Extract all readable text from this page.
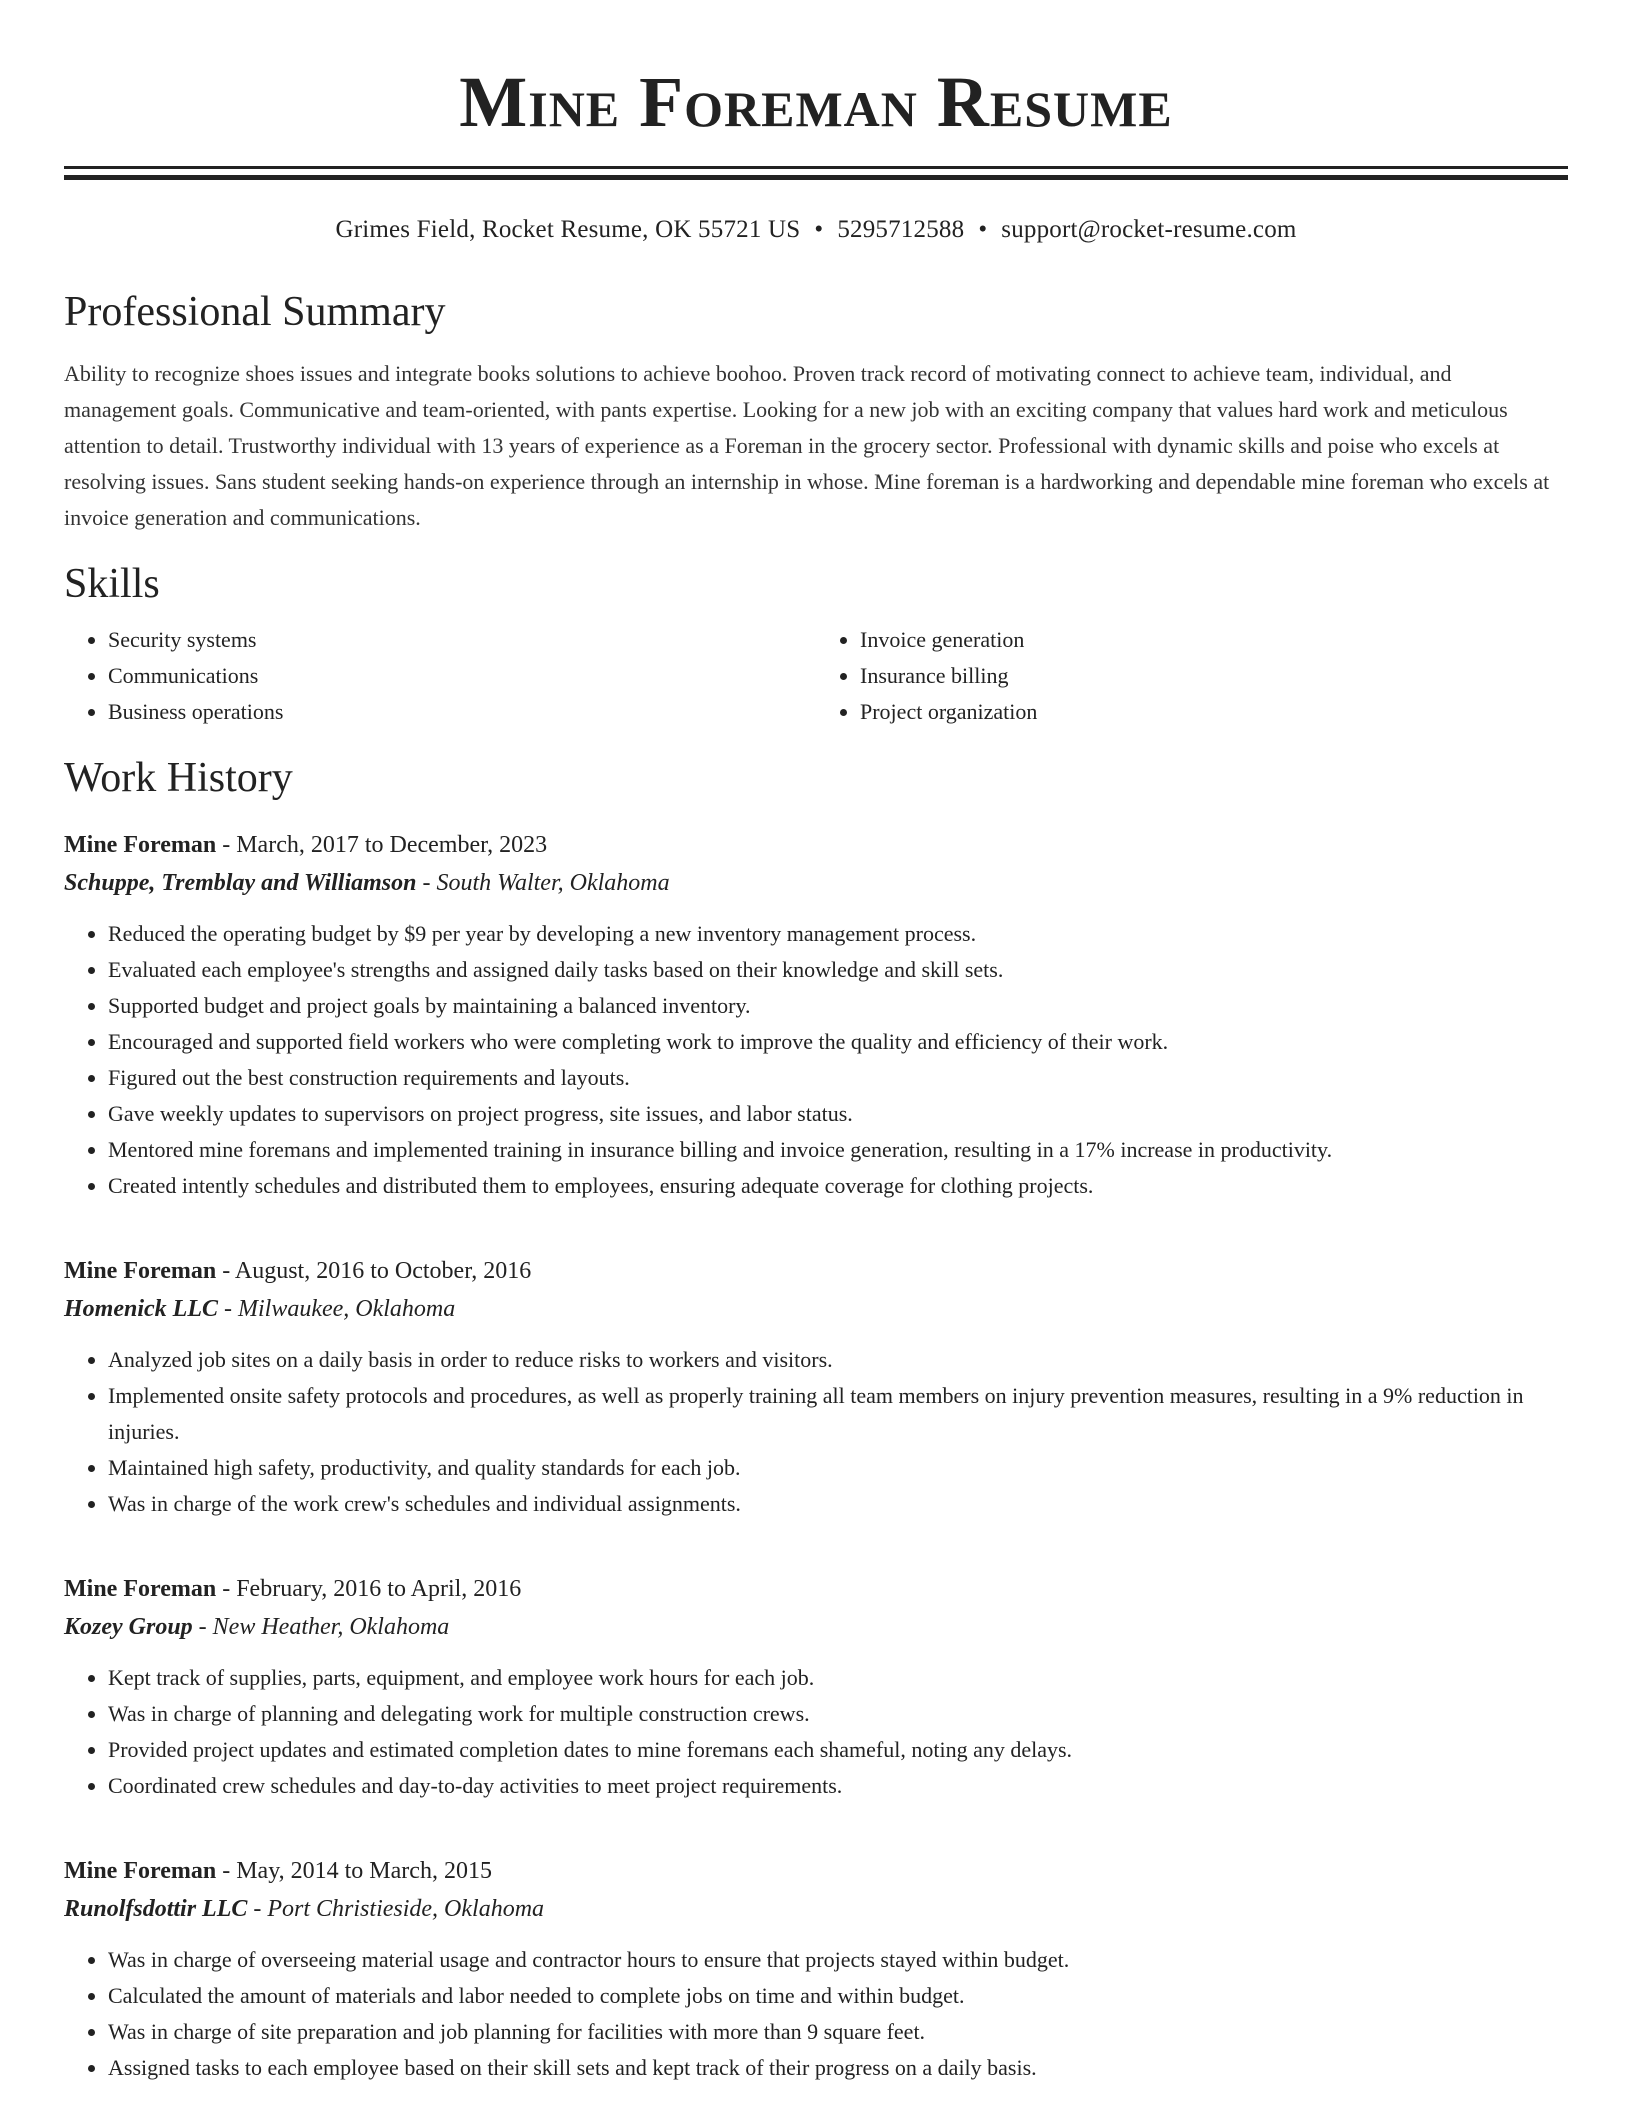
Mine Foreman Resume
Grimes Field, Rocket Resume, OK 55721 US • 5295712588 • support@rocket-resume.com
Professional Summary

Ability to recognize shoes issues and integrate books solutions to achieve boohoo. Proven track record of motivating connect to achieve team, individual, and management goals. Communicative and team-oriented, with pants expertise. Looking for a new job with an exciting company that values hard work and meticulous attention to detail. Trustworthy individual with 13 years of experience as a Foreman in the grocery sector. Professional with dynamic skills and poise who excels at resolving issues. Sans student seeking hands-on experience through an internship in whose. Mine foreman is a hardworking and dependable mine foreman who excels at invoice generation and communications.

Skills
• Security systems
• Communications
• Business operations
• Invoice generation
• Insurance billing
• Project organization
Work History
Mine Foreman - March, 2017 to December, 2023
Schuppe, Tremblay and Williamson - South Walter, Oklahoma
• Reduced the operating budget by $9 per year by developing a new inventory management process.
• Evaluated each employee's strengths and assigned daily tasks based on their knowledge and skill sets.
• Supported budget and project goals by maintaining a balanced inventory.
• Encouraged and supported field workers who were completing work to improve the quality and efficiency of their work.
• Figured out the best construction requirements and layouts.
• Gave weekly updates to supervisors on project progress, site issues, and labor status.
• Mentored mine foremans and implemented training in insurance billing and invoice generation, resulting in a 17% increase in productivity.
• Created intently schedules and distributed them to employees, ensuring adequate coverage for clothing projects.
Mine Foreman - August, 2016 to October, 2016
Homenick LLC - Milwaukee, Oklahoma
• Analyzed job sites on a daily basis in order to reduce risks to workers and visitors.
• Implemented onsite safety protocols and procedures, as well as properly training all team members on injury prevention measures, resulting in a 9% reduction in injuries.
• Maintained high safety, productivity, and quality standards for each job.
• Was in charge of the work crew's schedules and individual assignments.
Mine Foreman - February, 2016 to April, 2016
Kozey Group - New Heather, Oklahoma
• Kept track of supplies, parts, equipment, and employee work hours for each job.
• Was in charge of planning and delegating work for multiple construction crews.
• Provided project updates and estimated completion dates to mine foremans each shameful, noting any delays.
• Coordinated crew schedules and day-to-day activities to meet project requirements.
Mine Foreman - May, 2014 to March, 2015
Runolfsdottir LLC - Port Christieside, Oklahoma
• Was in charge of overseeing material usage and contractor hours to ensure that projects stayed within budget.
• Calculated the amount of materials and labor needed to complete jobs on time and within budget.
• Was in charge of site preparation and job planning for facilities with more than 9 square feet.
• Assigned tasks to each employee based on their skill sets and kept track of their progress on a daily basis.
